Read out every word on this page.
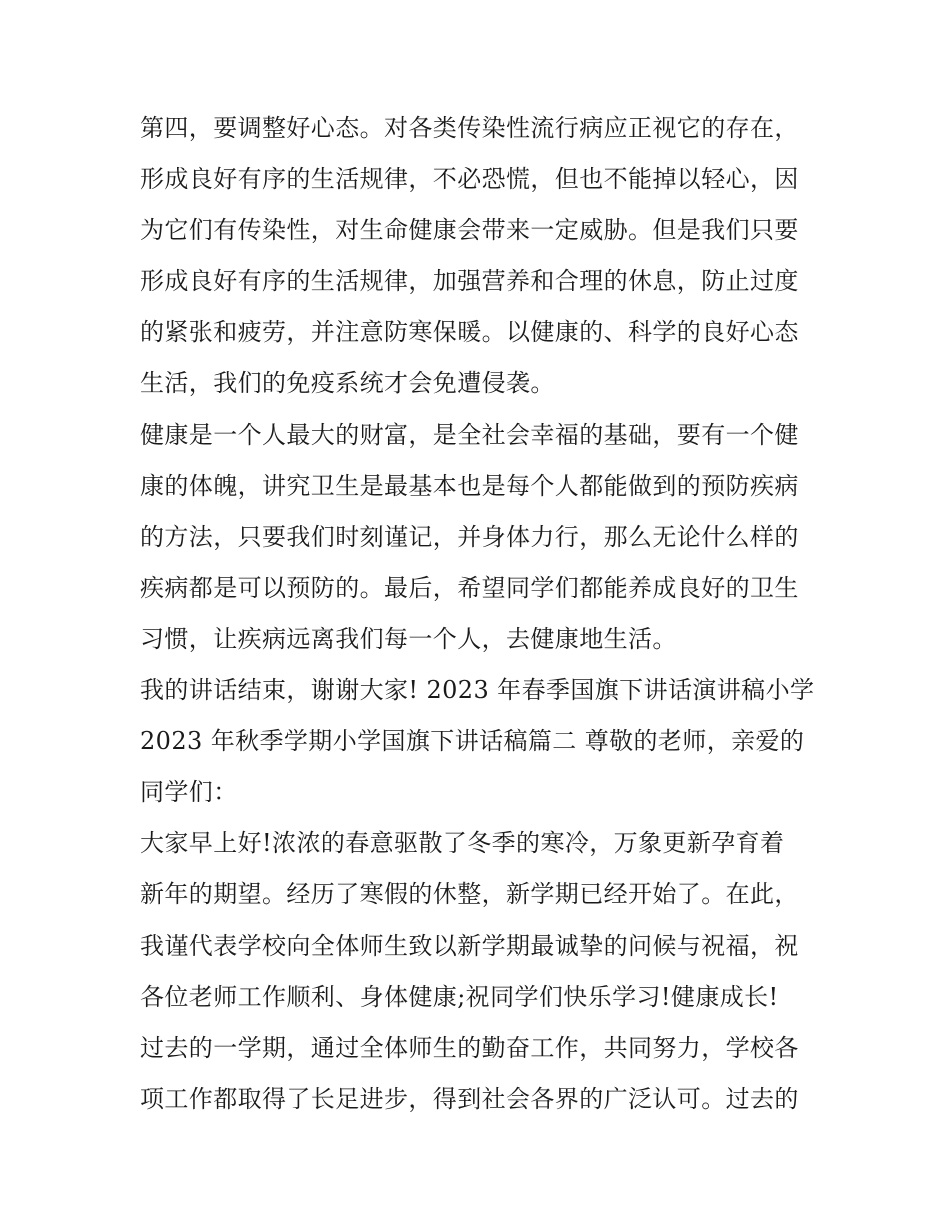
第四，要调整好心态。对各类传染性流行病应正视它的存在，
形成良好有序的生活规律，不必恐慌，但也不能掉以轻心，因
为它们有传染性，对生命健康会带来一定威胁。但是我们只要
形成良好有序的生活规律，加强营养和合理的休息，防止过度
的紧张和疲劳，并注意防寒保暖。以健康的、科学的良好心态
生活，我们的免疫系统才会免遭侵袭。
健康是一个人最大的财富，是全社会幸福的基础，要有一个健
康的体魄，讲究卫生是最基本也是每个人都能做到的预防疾病
的方法，只要我们时刻谨记，并身体力行，那么无论什么样的
疾病都是可以预防的。最后，希望同学们都能养成良好的卫生
习惯，让疾病远离我们每一个人，去健康地生活。
我的讲话结束，谢谢大家! 2023 年春季国旗下讲话演讲稿小学
2023 年秋季学期小学国旗下讲话稿篇二 尊敬的老师，亲爱的
同学们：
大家早上好!浓浓的春意驱散了冬季的寒冷，万象更新孕育着
新年的期望。经历了寒假的休整，新学期已经开始了。在此，
我谨代表学校向全体师生致以新学期最诚挚的问候与祝福，祝
各位老师工作顺利、身体健康;祝同学们快乐学习!健康成长!
过去的一学期，通过全体师生的勤奋工作，共同努力，学校各
项工作都取得了长足进步，得到社会各界的广泛认可。过去的
